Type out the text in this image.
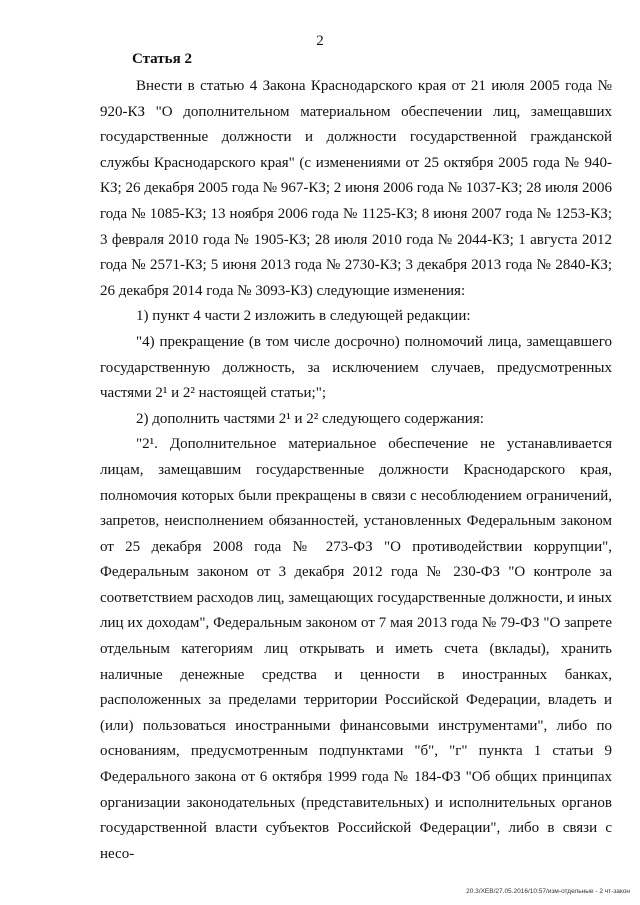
2
Статья 2

Внести в статью 4 Закона Краснодарского края от 21 июля 2005 года № 920-КЗ "О дополнительном материальном обеспечении лиц, замещавших государственные должности и должности государственной гражданской службы Краснодарского края" (с изменениями от 25 октября 2005 года № 940-КЗ; 26 декабря 2005 года № 967-КЗ; 2 июня 2006 года № 1037-КЗ; 28 июля 2006 года № 1085-КЗ; 13 ноября 2006 года № 1125-КЗ; 8 июня 2007 года № 1253-КЗ; 3 февраля 2010 года № 1905-КЗ; 28 июля 2010 года № 2044-КЗ; 1 августа 2012 года № 2571-КЗ; 5 июня 2013 года № 2730-КЗ; 3 декабря 2013 года № 2840-КЗ; 26 декабря 2014 года № 3093-КЗ) следующие изменения:

1) пункт 4 части 2 изложить в следующей редакции:

"4) прекращение (в том числе досрочно) полномочий лица, замещавшего государственную должность, за исключением случаев, предусмотренных частями 2¹ и 2² настоящей статьи;";

2) дополнить частями 2¹ и 2² следующего содержания:

"2¹. Дополнительное материальное обеспечение не устанавливается лицам, замещавшим государственные должности Краснодарского края, полномочия которых были прекращены в связи с несоблюдением ограничений, запретов, неисполнением обязанностей, установленных Федеральным законом от 25 декабря 2008 года № 273-ФЗ "О противодействии коррупции", Федеральным законом от 3 декабря 2012 года № 230-ФЗ "О контроле за соответствием расходов лиц, замещающих государственные должности, и иных лиц их доходам", Федеральным законом от 7 мая 2013 года № 79-ФЗ "О запрете отдельным категориям лиц открывать и иметь счета (вклады), хранить наличные денежные средства и ценности в иностранных банках, расположенных за пределами территории Российской Федерации, владеть и (или) пользоваться иностранными финансовыми инструментами", либо по основаниям, предусмотренным подпунктами "б", "г" пункта 1 статьи 9 Федерального закона от 6 октября 1999 года № 184-ФЗ "Об общих принципах организации законодательных (представительных) и исполнительных органов государственной власти субъектов Российской Федерации", либо в связи с несо-

20.3/ХЕВ/27.05.2016/10:57/изм-отдельные - 2 чт-закон
